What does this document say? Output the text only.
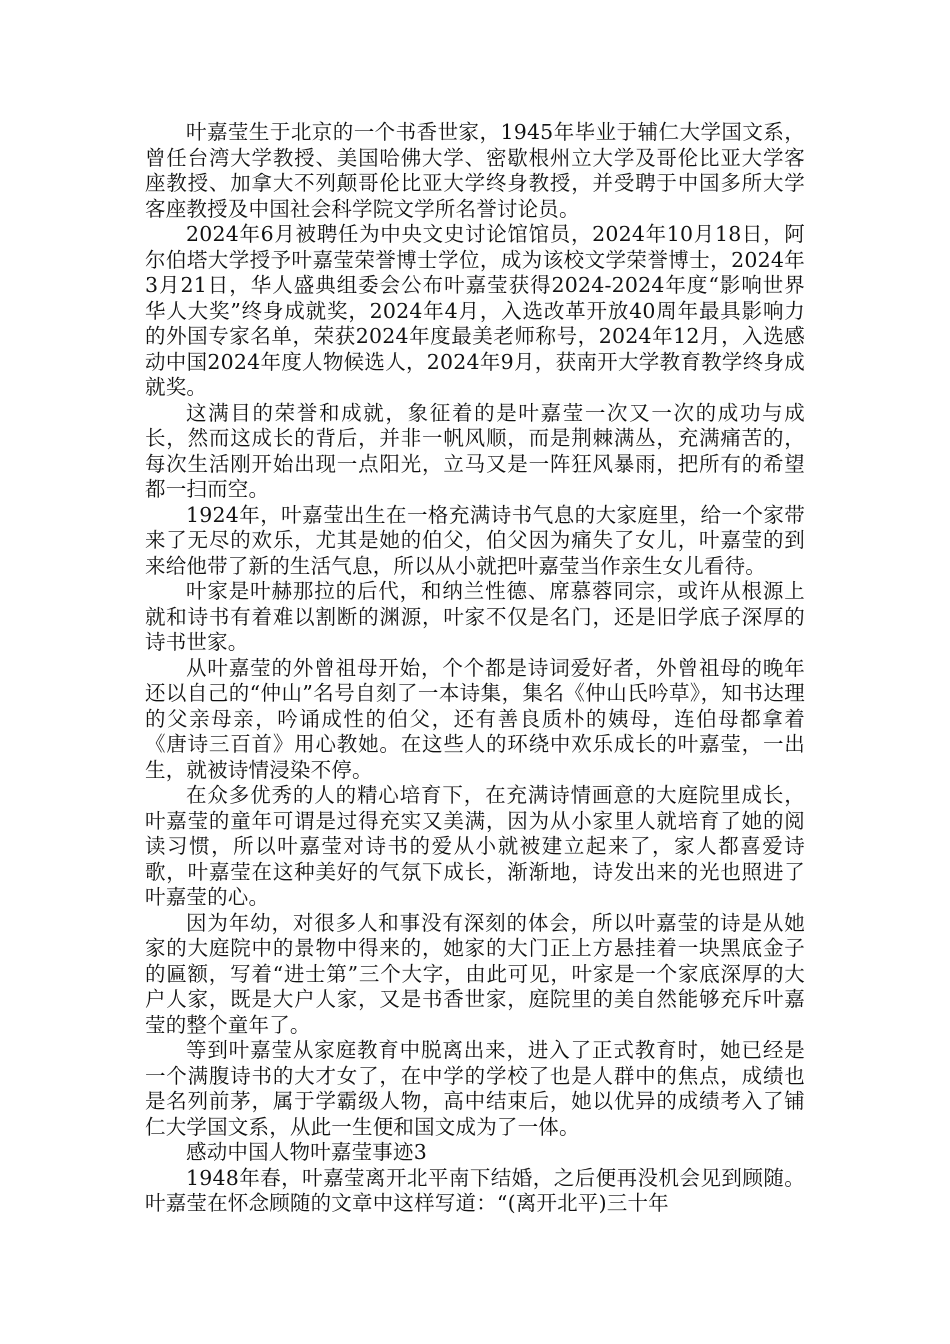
叶嘉莹生于北京的一个书香世家，1945年毕业于辅仁大学国文系，曾任台湾大学教授、美国哈佛大学、密歇根州立大学及哥伦比亚大学客座教授、加拿大不列颠哥伦比亚大学终身教授，并受聘于中国多所大学客座教授及中国社会科学院文学所名誉讨论员。

2024年6月被聘任为中央文史讨论馆馆员，2024年10月18日，阿尔伯塔大学授予叶嘉莹荣誉博士学位，成为该校文学荣誉博士，2024年3月21日，华人盛典组委会公布叶嘉莹获得2024-2024年度“影响世界华人大奖”终身成就奖，2024年4月，入选改革开放40周年最具影响力的外国专家名单，荣获2024年度最美老师称号，2024年12月，入选感动中国2024年度人物候选人，2024年9月，获南开大学教育教学终身成就奖。

这满目的荣誉和成就，象征着的是叶嘉莹一次又一次的成功与成长，然而这成长的背后，并非一帆风顺，而是荆棘满丛，充满痛苦的，每次生活刚开始出现一点阳光，立马又是一阵狂风暴雨，把所有的希望都一扫而空。

1924年，叶嘉莹出生在一格充满诗书气息的大家庭里，给一个家带来了无尽的欢乐，尤其是她的伯父，伯父因为痛失了女儿，叶嘉莹的到来给他带了新的生活气息，所以从小就把叶嘉莹当作亲生女儿看待。

叶家是叶赫那拉的后代，和纳兰性德、席慕蓉同宗，或许从根源上就和诗书有着难以割断的渊源，叶家不仅是名门，还是旧学底子深厚的诗书世家。

从叶嘉莹的外曾祖母开始，个个都是诗词爱好者，外曾祖母的晚年还以自己的“仲山”名号自刻了一本诗集，集名《仲山氏吟草》，知书达理的父亲母亲，吟诵成性的伯父，还有善良质朴的姨母，连伯母都拿着《唐诗三百首》用心教她。在这些人的环绕中欢乐成长的叶嘉莹，一出生，就被诗情浸染不停。

在众多优秀的人的精心培育下，在充满诗情画意的大庭院里成长，叶嘉莹的童年可谓是过得充实又美满，因为从小家里人就培育了她的阅读习惯，所以叶嘉莹对诗书的爱从小就被建立起来了，家人都喜爱诗歌，叶嘉莹在这种美好的气氛下成长，渐渐地，诗发出来的光也照进了叶嘉莹的心。

因为年幼，对很多人和事没有深刻的体会，所以叶嘉莹的诗是从她家的大庭院中的景物中得来的，她家的大门正上方悬挂着一块黑底金子的匾额，写着“进士第”三个大字，由此可见，叶家是一个家底深厚的大户人家，既是大户人家，又是书香世家，庭院里的美自然能够充斥叶嘉莹的整个童年了。

等到叶嘉莹从家庭教育中脱离出来，进入了正式教育时，她已经是一个满腹诗书的大才女了，在中学的学校了也是人群中的焦点，成绩也是名列前茅，属于学霸级人物，高中结束后，她以优异的成绩考入了铺仁大学国文系，从此一生便和国文成为了一体。

感动中国人物叶嘉莹事迹3

1948年春，叶嘉莹离开北平南下结婚，之后便再没机会见到顾随。叶嘉莹在怀念顾随的文章中这样写道：“(离开北平)三十年
